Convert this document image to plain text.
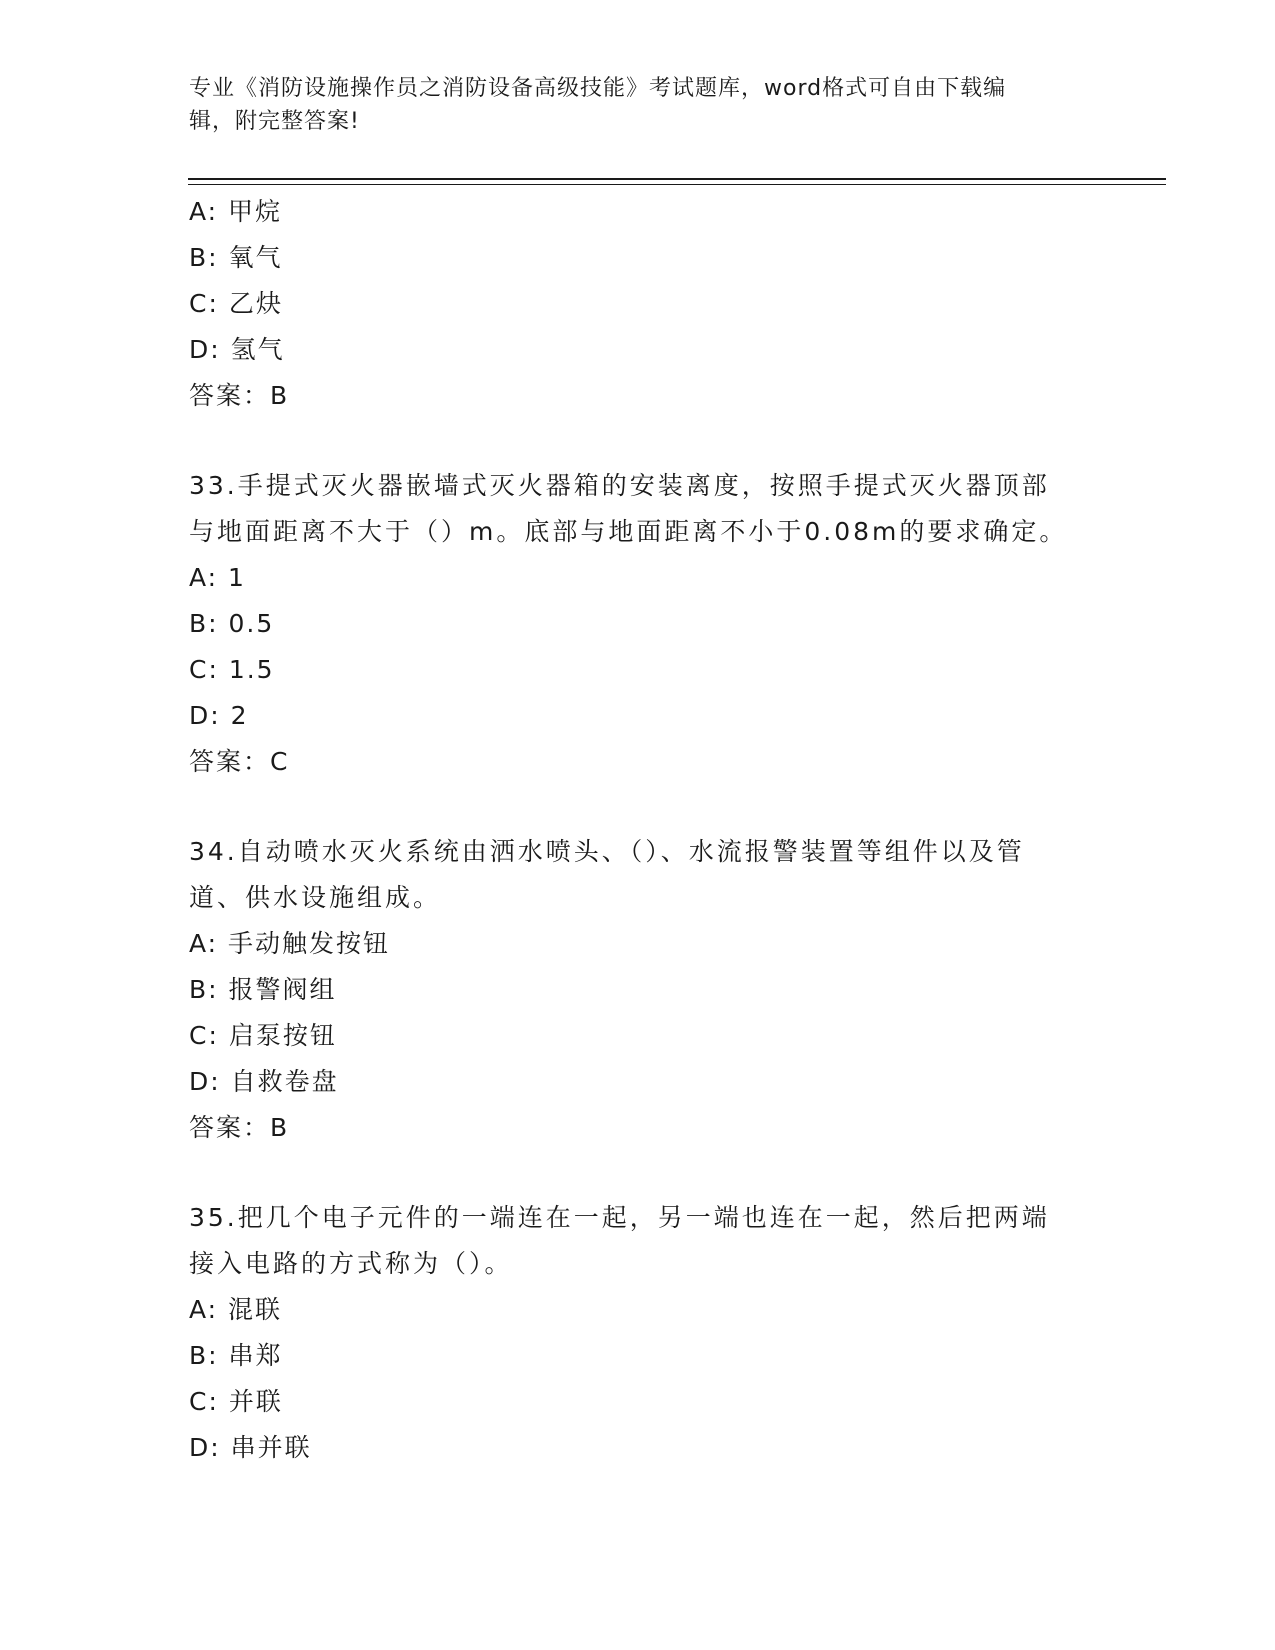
专业《消防设施操作员之消防设备高级技能》考试题库，word格式可自由下载编
辑，附完整答案!
A: 甲烷
B: 氧气
C: 乙炔
D: 氢气
答案：B
33.手提式灭火器嵌墙式灭火器箱的安装离度，按照手提式灭火器顶部
与地面距离不大于（）m。底部与地面距离不小于0.08m的要求确定。
A: 1
B: 0.5
C: 1.5
D: 2
答案：C
34.自动喷水灭火系统由洒水喷头、（）、水流报警装置等组件以及管
道、供水设施组成。
A: 手动触发按钮
B: 报警阀组
C: 启泵按钮
D: 自救卷盘
答案：B
35.把几个电子元件的一端连在一起，另一端也连在一起，然后把两端
接入电路的方式称为（）。
A: 混联
B: 串郑
C: 并联
D: 串并联
